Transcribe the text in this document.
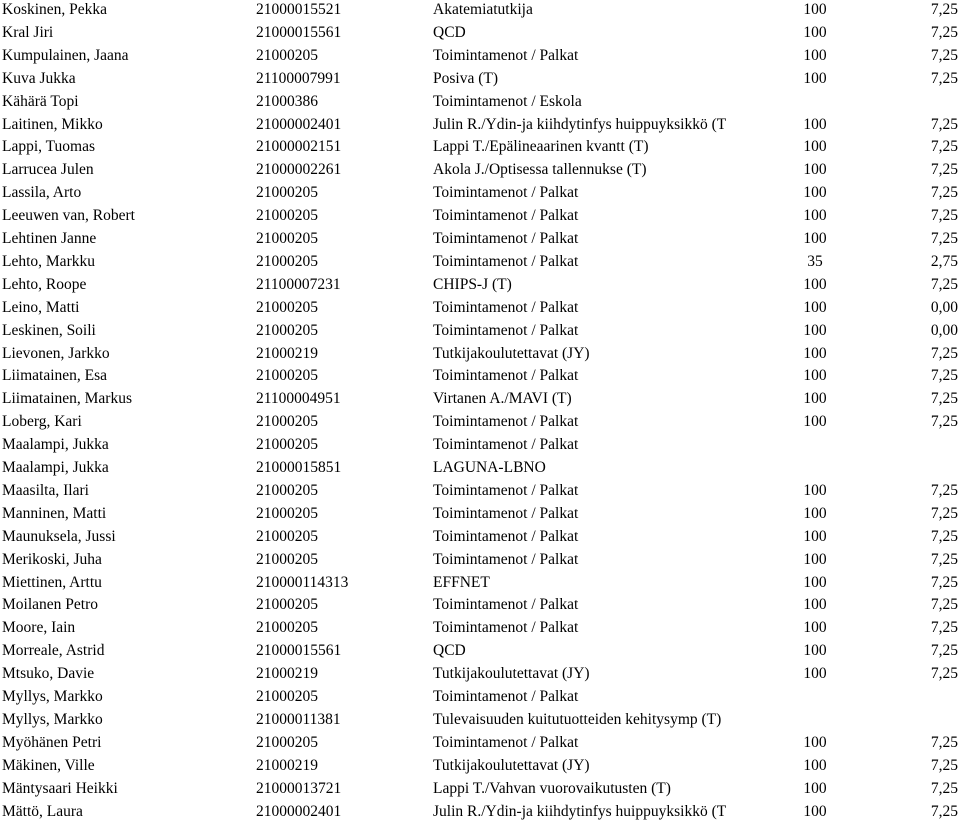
Koskinen, Pekka	21000015521	Akatemiatutkija	100	7,25
Kral Jiri	21000015561	QCD	100	7,25
Kumpulainen, Jaana	21000205	Toimintamenot / Palkat	100	7,25
Kuva Jukka	21100007991	Posiva (T)	100	7,25
Kähärä Topi	21000386	Toimintamenot / Eskola
Laitinen, Mikko	21000002401	Julin R./Ydin-ja kiihdytinfys huippuyksikkö (T	100	7,25
Lappi, Tuomas	21000002151	Lappi T./Epälineaarinen kvantt (T)	100	7,25
Larrucea Julen	21000002261	Akola J./Optisessa tallennukse (T)	100	7,25
Lassila, Arto	21000205	Toimintamenot / Palkat	100	7,25
Leeuwen van, Robert	21000205	Toimintamenot / Palkat	100	7,25
Lehtinen Janne	21000205	Toimintamenot / Palkat	100	7,25
Lehto, Markku	21000205	Toimintamenot / Palkat	35	2,75
Lehto, Roope	21100007231	CHIPS-J (T)	100	7,25
Leino, Matti	21000205	Toimintamenot / Palkat	100	0,00
Leskinen, Soili	21000205	Toimintamenot / Palkat	100	0,00
Lievonen, Jarkko	21000219	Tutkijakoulutettavat (JY)	100	7,25
Liimatainen, Esa	21000205	Toimintamenot / Palkat	100	7,25
Liimatainen, Markus	21100004951	Virtanen A./MAVI (T)	100	7,25
Loberg, Kari	21000205	Toimintamenot / Palkat	100	7,25
Maalampi, Jukka	21000205	Toimintamenot / Palkat
Maalampi, Jukka	21000015851	LAGUNA-LBNO
Maasilta, Ilari	21000205	Toimintamenot / Palkat	100	7,25
Manninen, Matti	21000205	Toimintamenot / Palkat	100	7,25
Maunuksela, Jussi	21000205	Toimintamenot / Palkat	100	7,25
Merikoski, Juha	21000205	Toimintamenot / Palkat	100	7,25
Miettinen, Arttu	210000114313	EFFNET	100	7,25
Moilanen Petro	21000205	Toimintamenot / Palkat	100	7,25
Moore, Iain	21000205	Toimintamenot / Palkat	100	7,25
Morreale, Astrid	21000015561	QCD	100	7,25
Mtsuko, Davie	21000219	Tutkijakoulutettavat (JY)	100	7,25
Myllys, Markko	21000205	Toimintamenot / Palkat
Myllys, Markko	21000011381	Tulevaisuuden kuitutuotteiden kehitysymp (T)
Myöhänen Petri	21000205	Toimintamenot / Palkat	100	7,25
Mäkinen, Ville	21000219	Tutkijakoulutettavat (JY)	100	7,25
Mäntysaari Heikki	21000013721	Lappi T./Vahvan vuorovaikutusten (T)	100	7,25
Mättö, Laura	21000002401	Julin R./Ydin-ja kiihdytinfys huippuyksikkö (T	100	7,25
